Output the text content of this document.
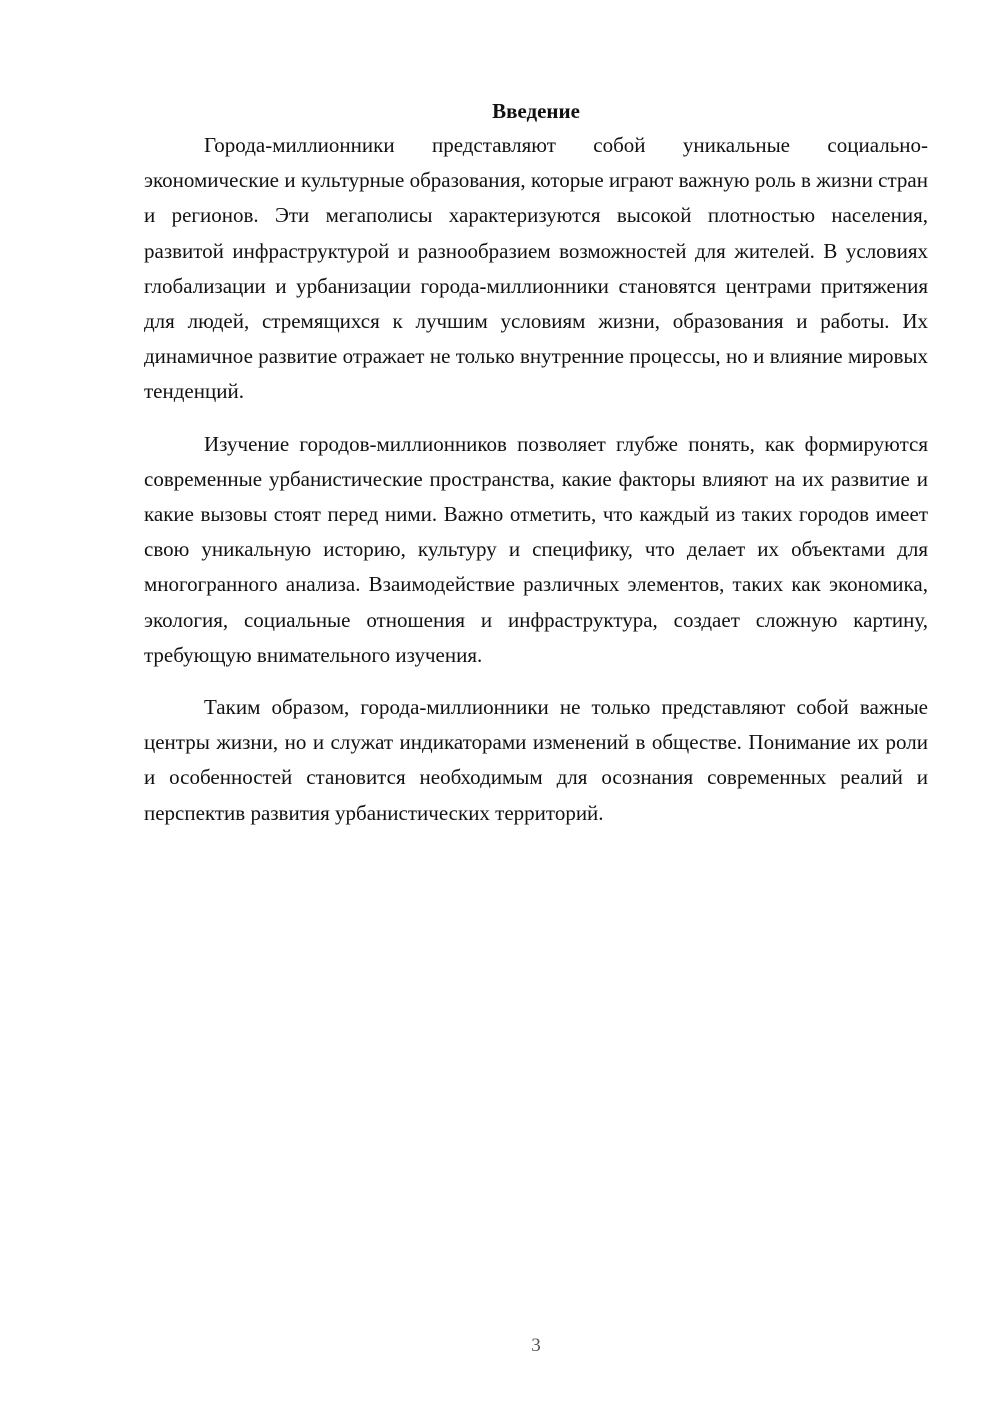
Введение

Города-миллионники представляют собой уникальные социально-экономические и культурные образования, которые играют важную роль в жизни стран и регионов. Эти мегаполисы характеризуются высокой плотностью населения, развитой инфраструктурой и разнообразием возможностей для жителей. В условиях глобализации и урбанизации города-миллионники становятся центрами притяжения для людей, стремящихся к лучшим условиям жизни, образования и работы. Их динамичное развитие отражает не только внутренние процессы, но и влияние мировых тенденций.

Изучение городов-миллионников позволяет глубже понять, как формируются современные урбанистические пространства, какие факторы влияют на их развитие и какие вызовы стоят перед ними. Важно отметить, что каждый из таких городов имеет свою уникальную историю, культуру и специфику, что делает их объектами для многогранного анализа. Взаимодействие различных элементов, таких как экономика, экология, социальные отношения и инфраструктура, создает сложную картину, требующую внимательного изучения.

Таким образом, города-миллионники не только представляют собой важные центры жизни, но и служат индикаторами изменений в обществе. Понимание их роли и особенностей становится необходимым для осознания современных реалий и перспектив развития урбанистических территорий.

3
